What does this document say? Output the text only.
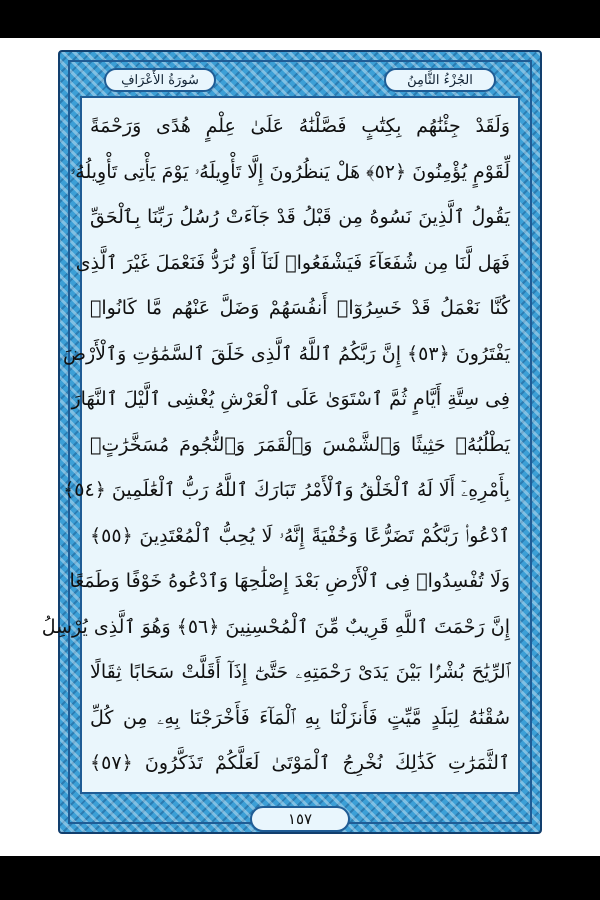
الجُزْءُ الثَّامِنُ
سُورَةُ الأَعْرَافِ
وَلَقَدْ جِئْنَٰهُم بِكِتَٰبٍ فَصَّلْنَٰهُ عَلَىٰ عِلْمٍ هُدًى وَرَحْمَةً
لِّقَوْمٍ يُؤْمِنُونَ ﴿٥٢﴾ هَلْ يَنظُرُونَ إِلَّا تَأْوِيلَهُۥ يَوْمَ يَأْتِى تَأْوِيلُهُۥ
يَقُولُ ٱلَّذِينَ نَسُوهُ مِن قَبْلُ قَدْ جَآءَتْ رُسُلُ رَبِّنَا بِٱلْحَقِّ
فَهَل لَّنَا مِن شُفَعَآءَ فَيَشْفَعُوا۟ لَنَآ أَوْ نُرَدُّ فَنَعْمَلَ غَيْرَ ٱلَّذِى
كُنَّا نَعْمَلُ قَدْ خَسِرُوٓا۟ أَنفُسَهُمْ وَضَلَّ عَنْهُم مَّا كَانُوا۟
يَفْتَرُونَ ﴿٥٣﴾ إِنَّ رَبَّكُمُ ٱللَّهُ ٱلَّذِى خَلَقَ ٱلسَّمَٰوَٰتِ وَٱلْأَرْضَ
فِى سِتَّةِ أَيَّامٍ ثُمَّ ٱسْتَوَىٰ عَلَى ٱلْعَرْشِ يُغْشِى ٱلَّيْلَ ٱلنَّهَارَ
يَطْلُبُهُۥ حَثِيثًا وَٱلشَّمْسَ وَٱلْقَمَرَ وَٱلنُّجُومَ مُسَخَّرَٰتٍۭ
بِأَمْرِهِۦٓ أَلَا لَهُ ٱلْخَلْقُ وَٱلْأَمْرُ تَبَارَكَ ٱللَّهُ رَبُّ ٱلْعَٰلَمِينَ ﴿٥٤﴾
ٱدْعُوا۟ رَبَّكُمْ تَضَرُّعًا وَخُفْيَةً إِنَّهُۥ لَا يُحِبُّ ٱلْمُعْتَدِينَ ﴿٥٥﴾
وَلَا تُفْسِدُوا۟ فِى ٱلْأَرْضِ بَعْدَ إِصْلَٰحِهَا وَٱدْعُوهُ خَوْفًا وَطَمَعًا
إِنَّ رَحْمَتَ ٱللَّهِ قَرِيبٌ مِّنَ ٱلْمُحْسِنِينَ ﴿٥٦﴾ وَهُوَ ٱلَّذِى يُرْسِلُ
ٱلرِّيَٰحَ بُشْرًۢا بَيْنَ يَدَىْ رَحْمَتِهِۦ حَتَّىٰٓ إِذَآ أَقَلَّتْ سَحَابًا ثِقَالًا
سُقْنَٰهُ لِبَلَدٍ مَّيِّتٍ فَأَنزَلْنَا بِهِ ٱلْمَآءَ فَأَخْرَجْنَا بِهِۦ مِن كُلِّ
ٱلثَّمَرَٰتِ كَذَٰلِكَ نُخْرِجُ ٱلْمَوْتَىٰ لَعَلَّكُمْ تَذَكَّرُونَ ﴿٥٧﴾
١٥٧
